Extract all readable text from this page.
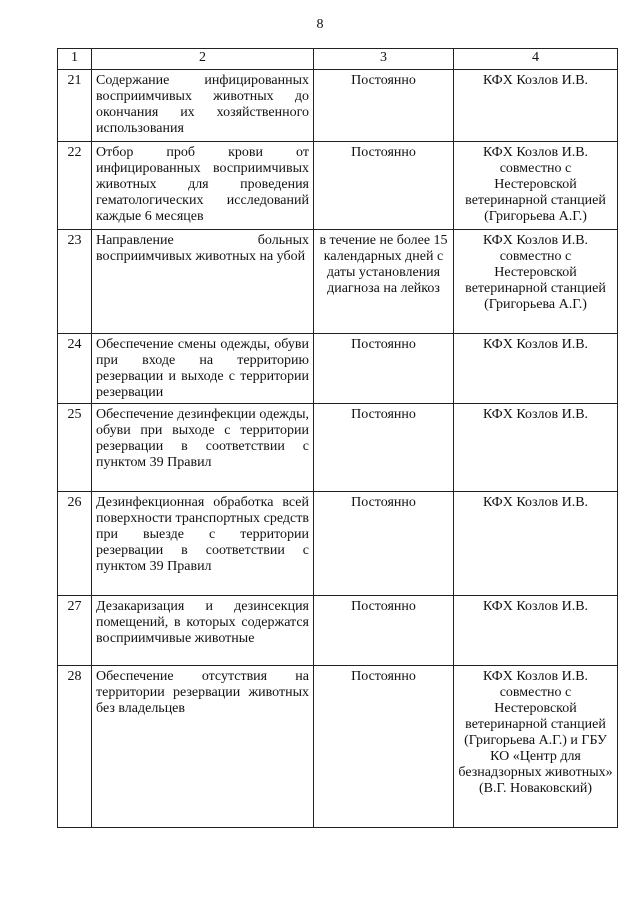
8
1	2	3	4
21	Содержание инфицированных восприимчивых животных до окончания их хозяйственного использования	Постоянно	КФХ Козлов И.В.
22	Отбор проб крови от инфицированных восприимчивых животных для проведения гематологических исследований каждые 6 месяцев	Постоянно	КФХ Козлов И.В. совместно с Нестеровской ветеринарной станцией (Григорьева А.Г.)
23	Направление больных восприимчивых животных на убой	в течение не более 15 календарных дней с даты установления диагноза на лейкоз	КФХ Козлов И.В. совместно с Нестеровской ветеринарной станцией (Григорьева А.Г.)
24	Обеспечение смены одежды, обуви при входе на территорию резервации и выходе с территории резервации	Постоянно	КФХ Козлов И.В.
25	Обеспечение дезинфекции одежды, обуви при выходе с территории резервации в соответствии с пунктом 39 Правил	Постоянно	КФХ Козлов И.В.
26	Дезинфекционная обработка всей поверхности транспортных средств при выезде с территории резервации в соответствии с пунктом 39 Правил	Постоянно	КФХ Козлов И.В.
27	Дезакаризация и дезинсекция помещений, в которых содержатся восприимчивые животные	Постоянно	КФХ Козлов И.В.
28	Обеспечение отсутствия на территории резервации животных без владельцев	Постоянно	КФХ Козлов И.В. совместно с Нестеровской ветеринарной станцией (Григорьева А.Г.) и ГБУ КО «Центр для безнадзорных животных» (В.Г. Новаковский)
